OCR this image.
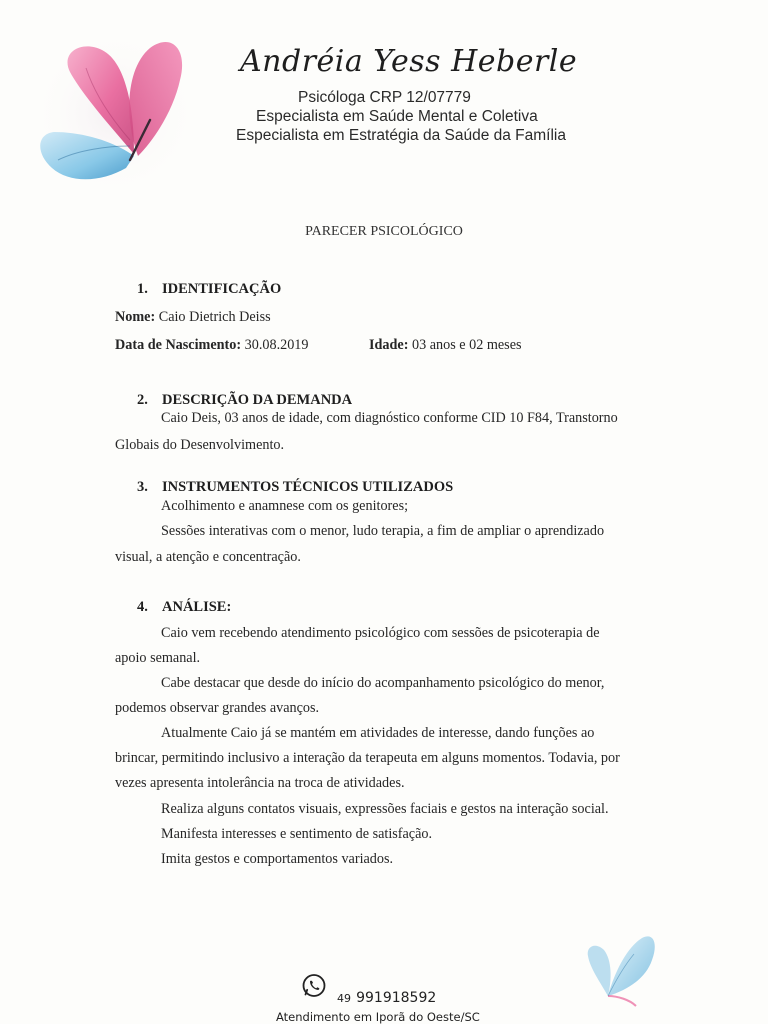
Andréia Yess Heberle
Psicóloga CRP 12/07779
Especialista em Saúde Mental e Coletiva
Especialista em Estratégia da Saúde da Família
PARECER PSICOLÓGICO
1. IDENTIFICAÇÃO
Nome: Caio Dietrich Deiss
Data de Nascimento: 30.08.2019	Idade: 03 anos e 02 meses
2. DESCRIÇÃO DA DEMANDA
Caio Deis, 03 anos de idade, com diagnóstico conforme CID 10 F84, Transtorno
Globais do Desenvolvimento.
3. INSTRUMENTOS TÉCNICOS UTILIZADOS
Acolhimento e anamnese com os genitores;
Sessões interativas com o menor, ludo terapia, a fim de ampliar o aprendizado
visual, a atenção e concentração.
4. ANÁLISE:
Caio vem recebendo atendimento psicológico com sessões de psicoterapia de
apoio semanal.
Cabe destacar que desde do início do acompanhamento psicológico do menor,
podemos observar grandes avanços.
Atualmente Caio já se mantém em atividades de interesse, dando funções ao
brincar, permitindo inclusivo a interação da terapeuta em alguns momentos. Todavia, por
vezes apresenta intolerância na troca de atividades.
Realiza alguns contatos visuais, expressões faciais e gestos na interação social.
Manifesta interesses e sentimento de satisfação.
Imita gestos e comportamentos variados.
49 991918592
Atendimento em Iporã do Oeste/SC
